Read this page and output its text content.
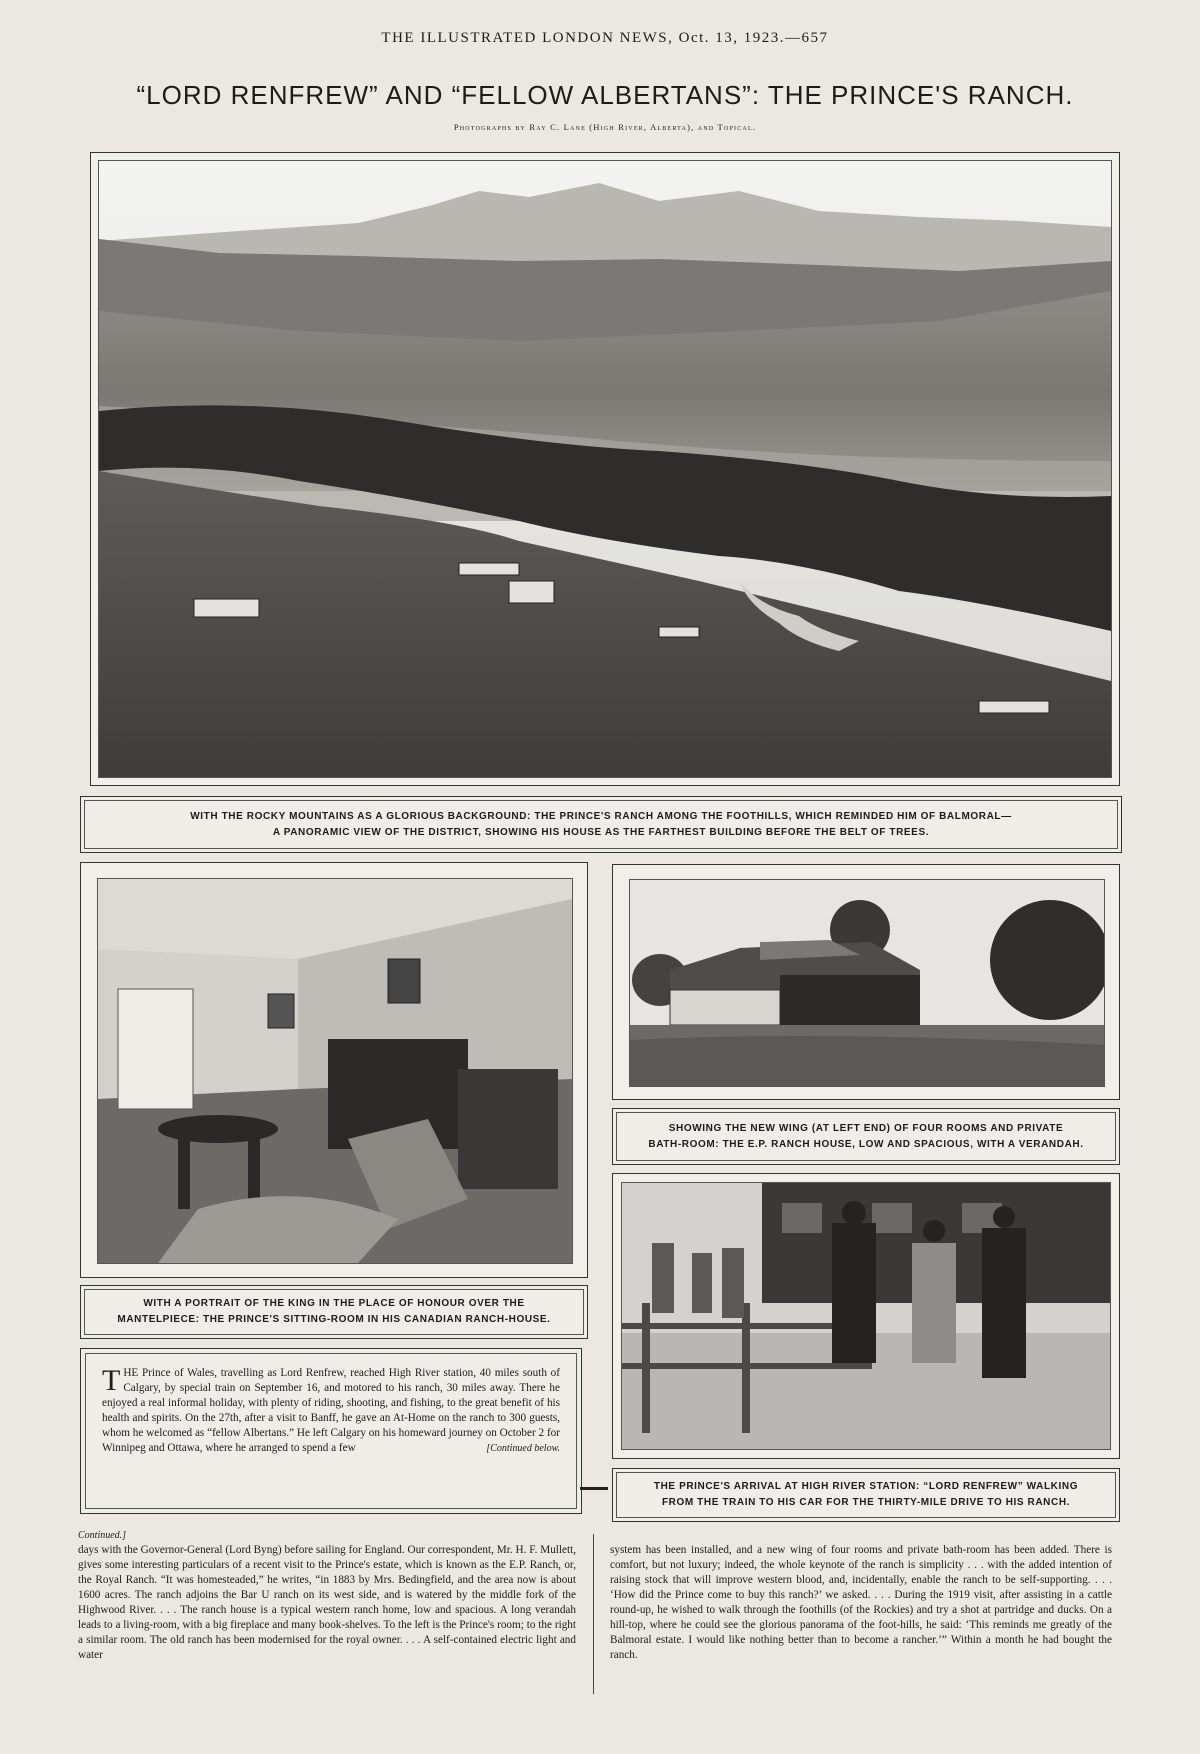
THE ILLUSTRATED LONDON NEWS, Oct. 13, 1923.—657
“LORD RENFREW” AND “FELLOW ALBERTANS”: THE PRINCE'S RANCH.
Photographs by Ray C. Lane (High River, Alberta), and Topical.
WITH THE ROCKY MOUNTAINS AS A GLORIOUS BACKGROUND: THE PRINCE'S RANCH AMONG THE FOOTHILLS, WHICH REMINDED HIM OF BALMORAL—
A PANORAMIC VIEW OF THE DISTRICT, SHOWING HIS HOUSE AS THE FARTHEST BUILDING BEFORE THE BELT OF TREES.
SHOWING THE NEW WING (AT LEFT END) OF FOUR ROOMS AND PRIVATE
BATH-ROOM: THE E.P. RANCH HOUSE, LOW AND SPACIOUS, WITH A VERANDAH.
THE PRINCE'S ARRIVAL AT HIGH RIVER STATION: “LORD RENFREW” WALKING
FROM THE TRAIN TO HIS CAR FOR THE THIRTY-MILE DRIVE TO HIS RANCH.
WITH A PORTRAIT OF THE KING IN THE PLACE OF HONOUR OVER THE
MANTELPIECE: THE PRINCE'S SITTING-ROOM IN HIS CANADIAN RANCH-HOUSE.
T HE Prince of Wales, travelling as Lord Renfrew, reached High River station, 40 miles south of Calgary, by special train on September 16, and motored to his ranch, 30 miles away. There he enjoyed a real informal holiday, with plenty of riding, shooting, and fishing, to the great benefit of his health and spirits. On the 27th, after a visit to Banff, he gave an At-Home on the ranch to 300 guests, whom he welcomed as “fellow Albertans.” He left Calgary on his homeward journey on October 2 for Winnipeg and Ottawa, where he arranged to spend a few	[Continued below.
Continued.]
days with the Governor-General (Lord Byng) before sailing for England. Our correspondent, Mr. H. F. Mullett, gives some interesting particulars of a recent visit to the Prince's estate, which is known as the E.P. Ranch, or, the Royal Ranch. “It was homesteaded,” he writes, “in 1883 by Mrs. Bedingfield, and the area now is about 1600 acres. The ranch adjoins the Bar U ranch on its west side, and is watered by the middle fork of the Highwood River. . . . The ranch house is a typical western ranch home, low and spacious. A long verandah leads to a living-room, with a big fireplace and many book-shelves. To the left is the Prince's room; to the right a similar room. The old ranch has been modernised for the royal owner. . . . A self-contained electric light and water
system has been installed, and a new wing of four rooms and private bath-room has been added. There is comfort, but not luxury; indeed, the whole keynote of the ranch is simplicity . . . with the added intention of raising stock that will improve western blood, and, incidentally, enable the ranch to be self-supporting. . . . ‘How did the Prince come to buy this ranch?’ we asked. . . . During the 1919 visit, after assisting in a cattle round-up, he wished to walk through the foothills (of the Rockies) and try a shot at partridge and ducks. On a hill-top, where he could see the glorious panorama of the foot-hills, he said: ‘This reminds me greatly of the Balmoral estate. I would like nothing better than to become a rancher.’” Within a month he had bought the ranch.
